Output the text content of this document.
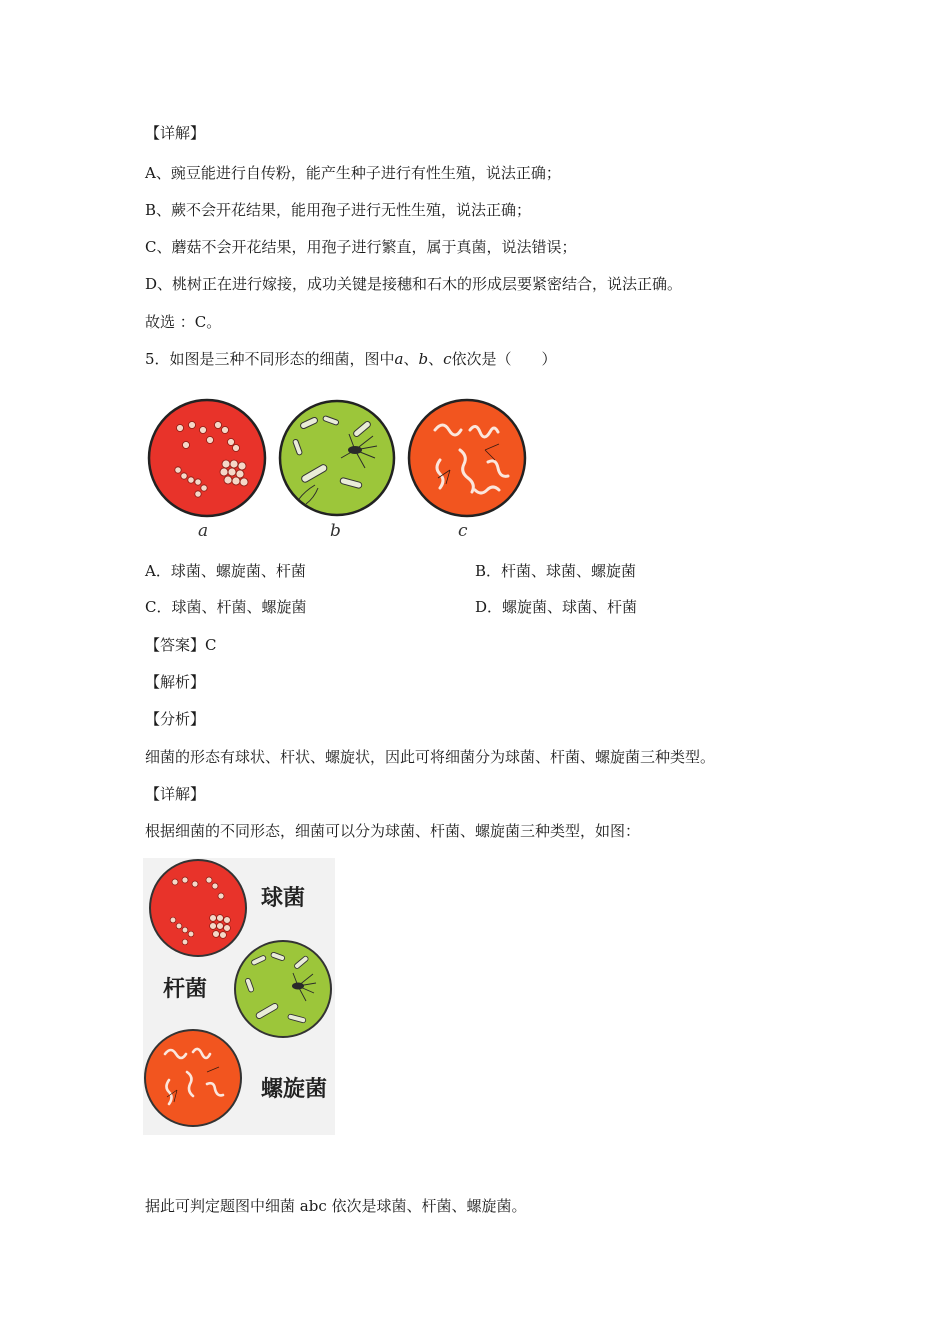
【详解】
A、豌豆能进行自传粉，能产生种子进行有性生殖，说法正确；
B、蕨不会开花结果，能用孢子进行无性生殖，说法正确；
C、蘑菇不会开花结果，用孢子进行繁直，属于真菌，说法错误；
D、桃树正在进行嫁接，成功关键是接穗和石木的形成层要紧密结合，说法正确。
故选 ：C。
5．如图是三种不同形态的细菌，图中a、b、c依次是（　　）
a	b	c
A．球菌、螺旋菌、杆菌	B．杆菌、球菌、螺旋菌
C．球菌、杆菌、螺旋菌	D．螺旋菌、球菌、杆菌
【答案】C
【解析】
【分析】
细菌的形态有球状、杆状、螺旋状，因此可将细菌分为球菌、杆菌、螺旋菌三种类型。
【详解】
根据细菌的不同形态，细菌可以分为球菌、杆菌、螺旋菌三种类型，如图：
球菌
杆菌
螺旋菌
据此可判定题图中细菌 abc 依次是球菌、杆菌、螺旋菌。
